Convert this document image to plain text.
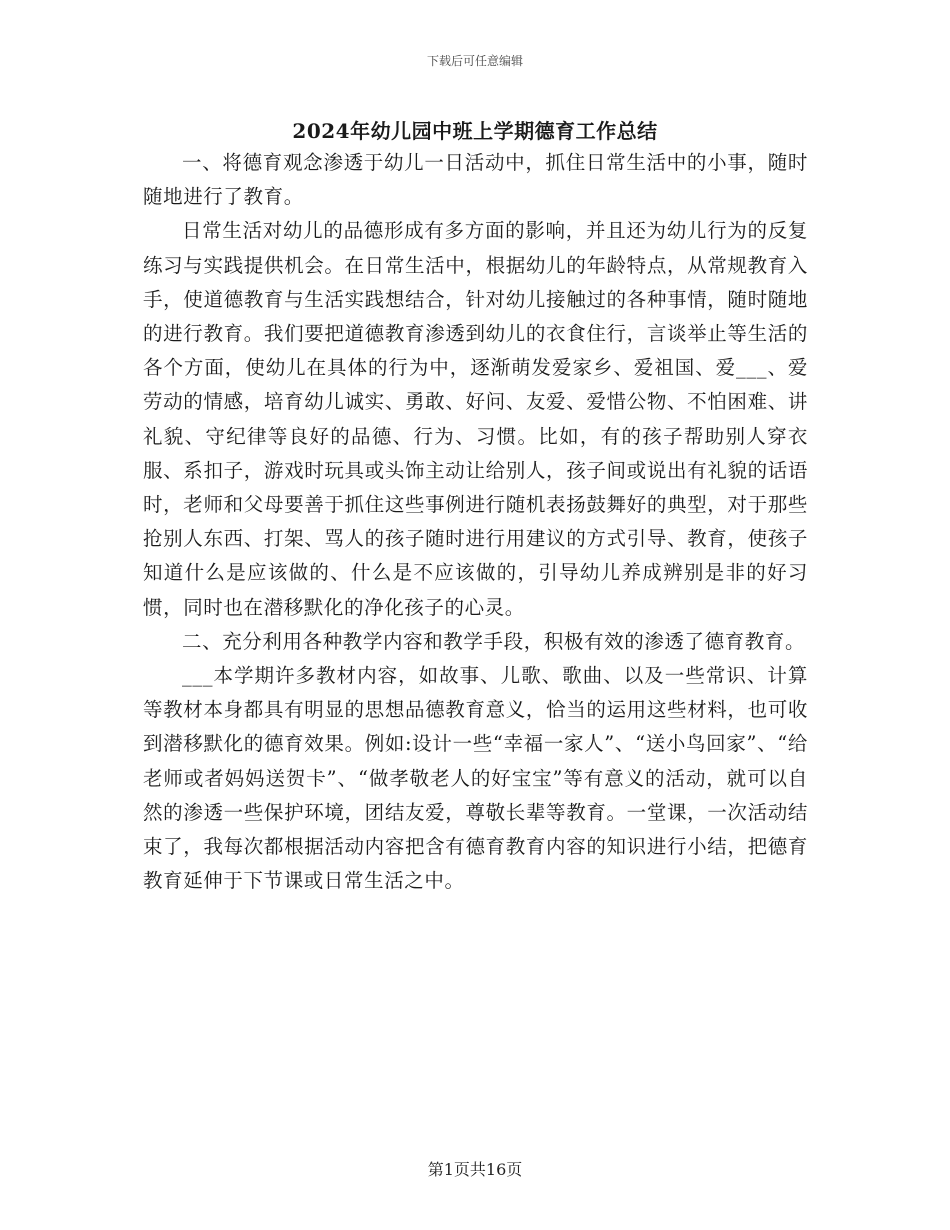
下载后可任意编辑
2024年幼儿园中班上学期德育工作总结

一、将德育观念渗透于幼儿一日活动中，抓住日常生活中的小事，随时随地进行了教育。

日常生活对幼儿的品德形成有多方面的影响，并且还为幼儿行为的反复练习与实践提供机会。在日常生活中，根据幼儿的年龄特点，从常规教育入手，使道德教育与生活实践想结合，针对幼儿接触过的各种事情，随时随地的进行教育。我们要把道德教育渗透到幼儿的衣食住行，言谈举止等生活的各个方面，使幼儿在具体的行为中，逐渐萌发爱家乡、爱祖国、爱___、爱劳动的情感，培育幼儿诚实、勇敢、好问、友爱、爱惜公物、不怕困难、讲礼貌、守纪律等良好的品德、行为、习惯。比如，有的孩子帮助别人穿衣服、系扣子，游戏时玩具或头饰主动让给别人，孩子间或说出有礼貌的话语时，老师和父母要善于抓住这些事例进行随机表扬鼓舞好的典型，对于那些抢别人东西、打架、骂人的孩子随时进行用建议的方式引导、教育，使孩子知道什么是应该做的、什么是不应该做的，引导幼儿养成辨别是非的好习惯，同时也在潜移默化的净化孩子的心灵。

二、充分利用各种教学内容和教学手段，积极有效的渗透了德育教育。

___本学期许多教材内容，如故事、儿歌、歌曲、以及一些常识、计算等教材本身都具有明显的思想品德教育意义，恰当的运用这些材料，也可收到潜移默化的德育效果。例如:设计一些“幸福一家人”、“送小鸟回家”、“给老师或者妈妈送贺卡”、“做孝敬老人的好宝宝”等有意义的活动，就可以自然的渗透一些保护环境，团结友爱，尊敬长辈等教育。一堂课，一次活动结束了，我每次都根据活动内容把含有德育教育内容的知识进行小结，把德育教育延伸于下节课或日常生活之中。

第1页共16页
